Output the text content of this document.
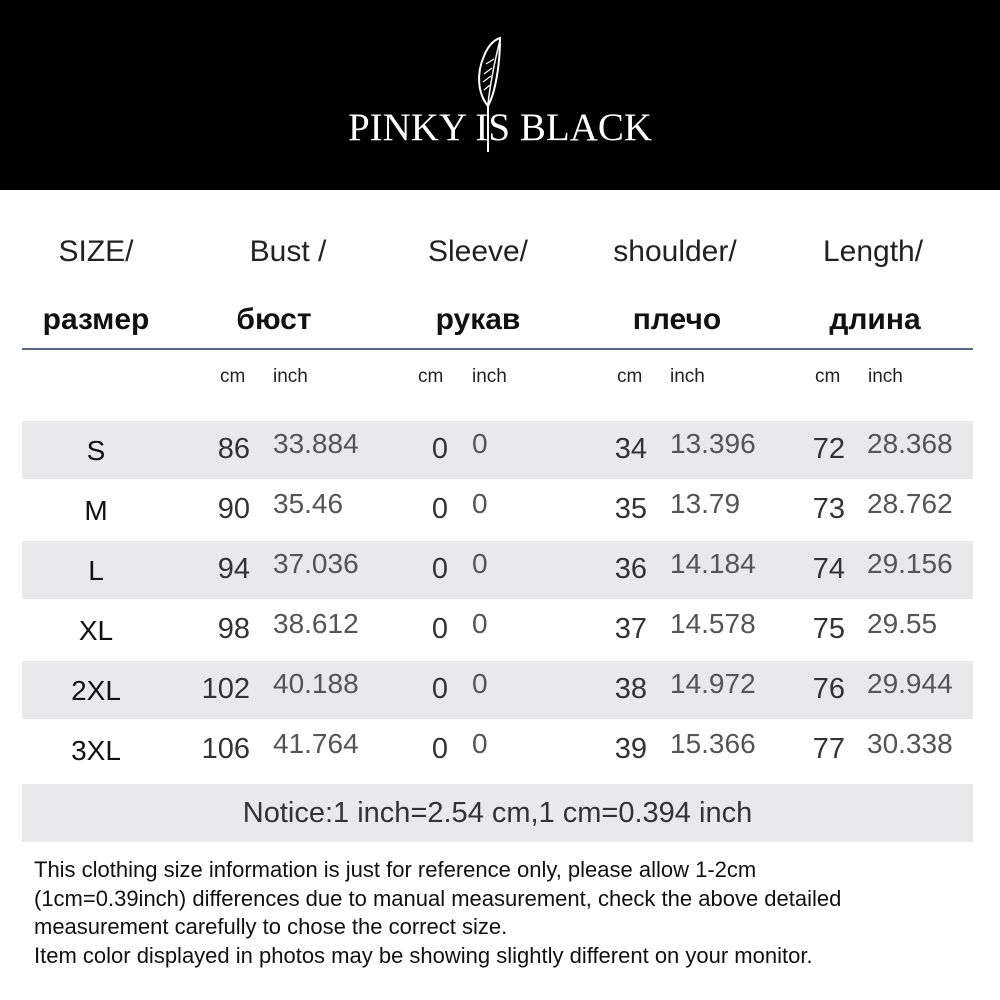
PINKY IS BLACK
SIZE/	Bust /	Sleeve/	shoulder/	Length/
размер	бюст	рукав	плечо	длина
cm inch	cm inch	cm inch	cm inch
S	86 33.884	0 0	34 13.396	72 28.368
M	90 35.46	0 0	35 13.79	73 28.762
L	94 37.036	0 0	36 14.184	74 29.156
XL	98 38.612	0 0	37 14.578	75 29.55
2XL	102 40.188	0 0	38 14.972	76 29.944
3XL	106 41.764	0 0	39 15.366	77 30.338
Notice:1 inch=2.54 cm,1 cm=0.394 inch

This clothing size information is just for reference only, please allow 1-2cm

(1cm=0.39inch) differences due to manual measurement, check the above detailed

measurement carefully to chose the correct size.

Item color displayed in photos may be showing slightly different on your monitor.
